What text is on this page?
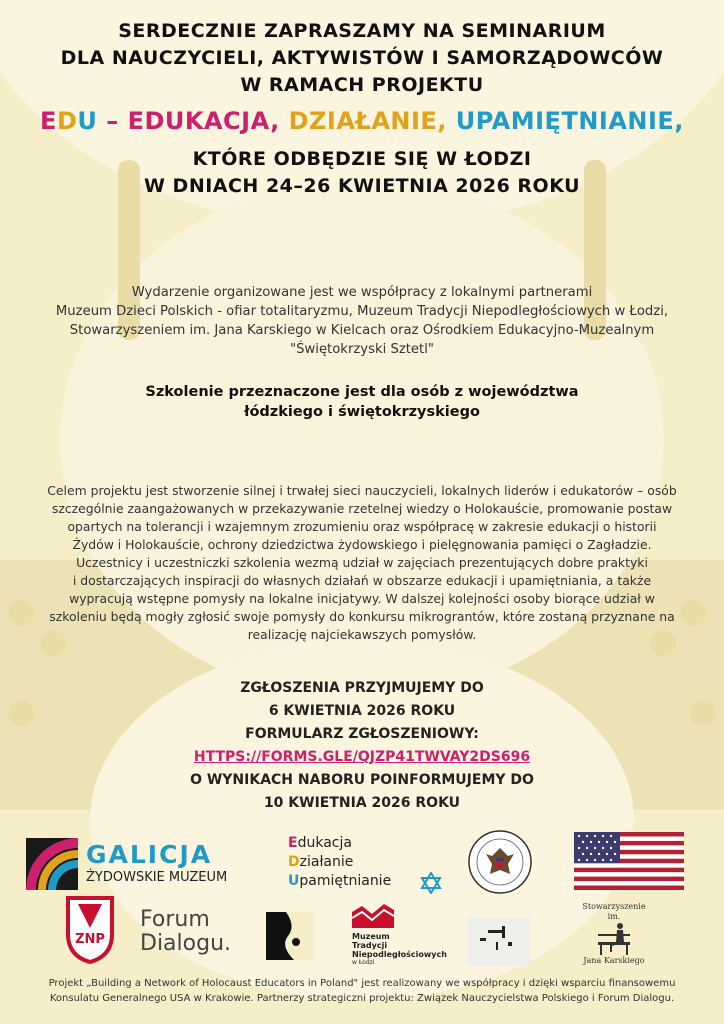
SERDECZNIE ZAPRASZAMY NA SEMINARIUM
DLA NAUCZYCIELI, AKTYWISTÓW I SAMORZĄDOWCÓW
W RAMACH PROJEKTU
EDU – EDUKACJA, DZIAŁANIE, UPAMIĘTNIANIE,
KTÓRE ODBĘDZIE SIĘ W ŁODZI
W DNIACH 24–26 KWIETNIA 2026 ROKU
Wydarzenie organizowane jest we współpracy z lokalnymi partnerami
Muzeum Dzieci Polskich - ofiar totalitaryzmu, Muzeum Tradycji Niepodległościowych w Łodzi,
Stowarzyszeniem im. Jana Karskiego w Kielcach oraz Ośrodkiem Edukacyjno-Muzealnym
"Świętokrzyski Sztetl"
Szkolenie przeznaczone jest dla osób z województwa
łódzkiego i świętokrzyskiego
Celem projektu jest stworzenie silnej i trwałej sieci nauczycieli, lokalnych liderów i edukatorów – osób
szczególnie zaangażowanych w przekazywanie rzetelnej wiedzy o Holokauście, promowanie postaw
opartych na tolerancji i wzajemnym zrozumieniu oraz współpracę w zakresie edukacji o historii
Żydów i Holokauście, ochrony dziedzictwa żydowskiego i pielęgnowania pamięci o Zagładzie.
Uczestnicy i uczestniczki szkolenia wezmą udział w zajęciach prezentujących dobre praktyki
i dostarczających inspiracji do własnych działań w obszarze edukacji i upamiętniania, a także
wypracują wstępne pomysły na lokalne inicjatywy. W dalszej kolejności osoby biorące udział w
szkoleniu będą mogły zgłosić swoje pomysły do konkursu mikrograntów, które zostaną przyznane na
realizację najciekawszych pomysłów.
ZGŁOSZENIA PRZYJMUJEMY DO
6 KWIETNIA 2026 ROKU
FORMULARZ ZGŁOSZENIOWY:
HTTPS://FORMS.GLE/QJZP41TWVAY2DS696
O WYNIKACH NABORU POINFORMUJEMY DO
10 KWIETNIA 2026 ROKU
GALICJA
ŻYDOWSKIE MUZEUM
Edukacja
Działanie
Upamiętnianie
ZNP
Forum
Dialogu.	Muzeum
Tradycji
Niepodległościowych
w Łodzi
Stowarzyszenie
im.
Jana Karskiego
Projekt „Building a Network of Holocaust Educators in Poland" jest realizowany we współpracy i dzięki wsparciu finansowemu
Konsulatu Generalnego USA w Krakowie. Partnerzy strategiczni projektu: Związek Nauczycielstwa Polskiego i Forum Dialogu.
